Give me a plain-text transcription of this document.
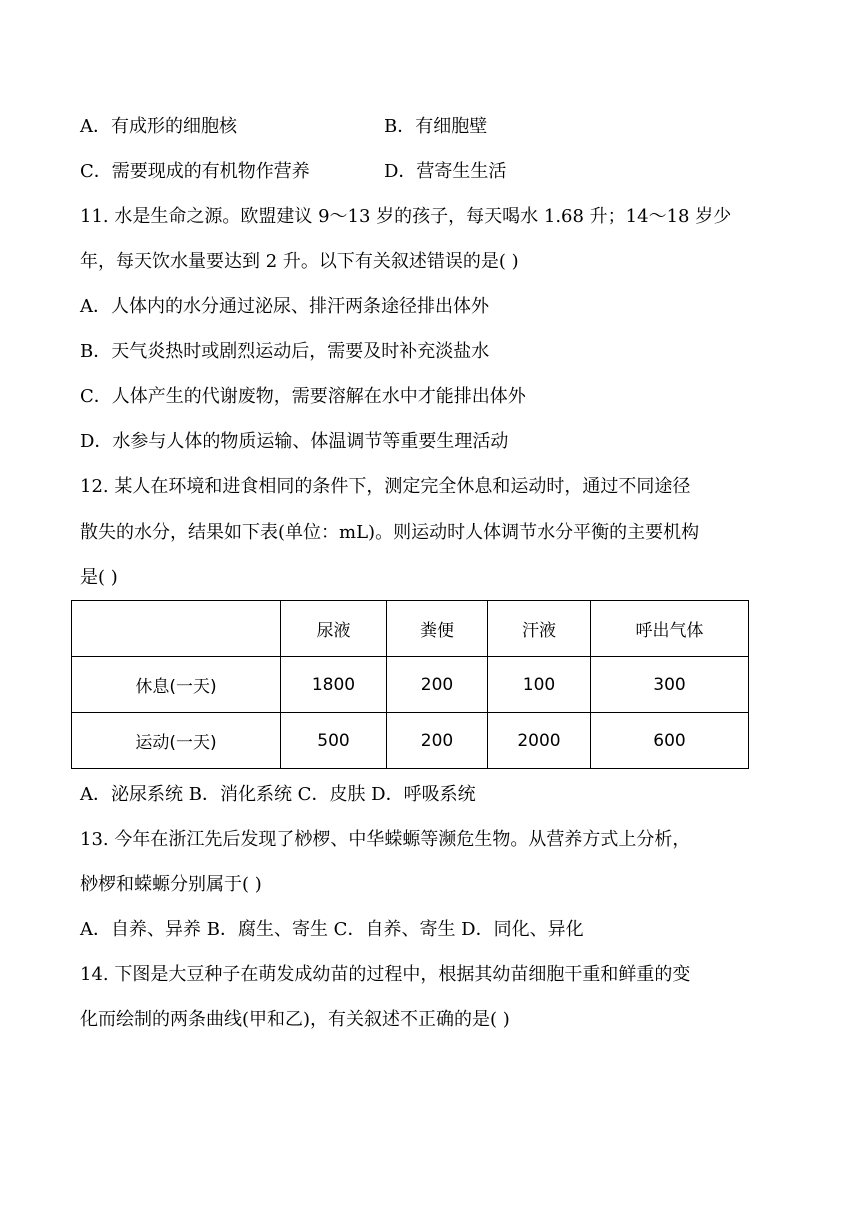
A．有成形的细胞核	B．有细胞壁
C．需要现成的有机物作营养	D．营寄生生活
11. 水是生命之源。欧盟建议 9～13 岁的孩子，每天喝水 1.68 升；14～18 岁少
年，每天饮水量要达到 2 升。以下有关叙述错误的是( )
A．人体内的水分通过泌尿、排汗两条途径排出体外
B．天气炎热时或剧烈运动后，需要及时补充淡盐水
C．人体产生的代谢废物，需要溶解在水中才能排出体外
D．水参与人体的物质运输、体温调节等重要生理活动
12. 某人在环境和进食相同的条件下，测定完全休息和运动时，通过不同途径
散失的水分，结果如下表(单位：mL)。则运动时人体调节水分平衡的主要机构
是( )
	尿液	粪便	汗液	呼出气体
休息(一天)	1800	200	100	300
运动(一天)	500	200	2000	600
A．泌尿系统 B．消化系统 C．皮肤 D．呼吸系统
13. 今年在浙江先后发现了桫椤、中华蝾螈等濒危生物。从营养方式上分析，
桫椤和蝾螈分别属于( )
A．自养、异养 B．腐生、寄生 C．自养、寄生 D．同化、异化
14. 下图是大豆种子在萌发成幼苗的过程中，根据其幼苗细胞干重和鲜重的变
化而绘制的两条曲线(甲和乙)，有关叙述不正确的是( )
